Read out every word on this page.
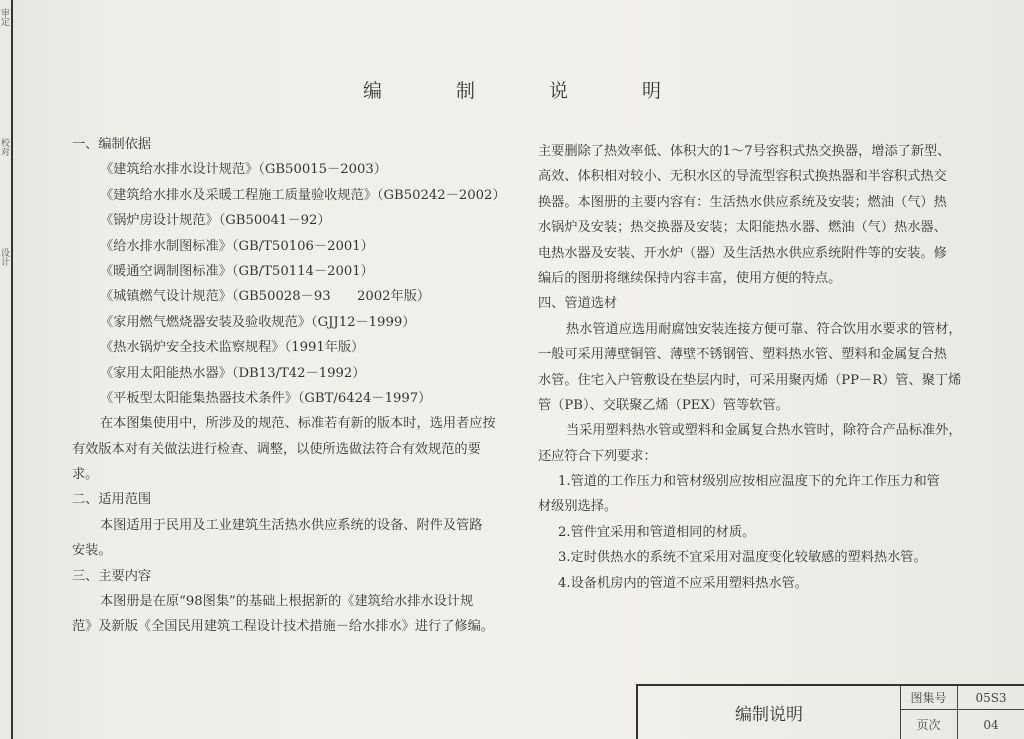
审定
校对
设计
编 制 说 明
一、编制依据
《建筑给水排水设计规范》（GB50015－2003）
《建筑给水排水及采暖工程施工质量验收规范》（GB50242－2002）
《锅炉房设计规范》（GB50041－92）
《给水排水制图标准》（GB/T50106－2001）
《暖通空调制图标准》（GB/T50114－2001）
《城镇燃气设计规范》（GB50028－93　　2002年版）
《家用燃气燃烧器安装及验收规范》（GJJ12－1999）
《热水锅炉安全技术监察规程》（1991年版）
《家用太阳能热水器》（DB13/T42－1992）
《平板型太阳能集热器技术条件》（GBT/6424－1997）
在本图集使用中，所涉及的规范、标准若有新的版本时，选用者应按
有效版本对有关做法进行检查、调整，以使所选做法符合有效规范的要
求。
二、适用范围
本图适用于民用及工业建筑生活热水供应系统的设备、附件及管路
安装。
三、主要内容
本图册是在原“98图集”的基础上根据新的《建筑给水排水设计规
范》及新版《全国民用建筑工程设计技术措施－给水排水》进行了修编。
主要删除了热效率低、体积大的1～7号容积式热交换器，增添了新型、
高效、体积相对较小、无积水区的导流型容积式换热器和半容积式热交
换器。本图册的主要内容有：生活热水供应系统及安装；燃油（气）热
水锅炉及安装；热交换器及安装；太阳能热水器、燃油（气）热水器、
电热水器及安装、开水炉（器）及生活热水供应系统附件等的安装。修
编后的图册将继续保持内容丰富，使用方便的特点。
四、管道选材
热水管道应选用耐腐蚀安装连接方便可靠、符合饮用水要求的管材，
一般可采用薄壁铜管、薄壁不锈钢管、塑料热水管、塑料和金属复合热
水管。住宅入户管敷设在垫层内时，可采用聚丙烯（PP－R）管、聚丁烯
管（PB）、交联聚乙烯（PEX）管等软管。
当采用塑料热水管或塑料和金属复合热水管时，除符合产品标准外，
还应符合下列要求：
1.管道的工作压力和管材级别应按相应温度下的允许工作压力和管
材级别选择。
2.管件宜采用和管道相同的材质。
3.定时供热水的系统不宜采用对温度变化较敏感的塑料热水管。
4.设备机房内的管道不应采用塑料热水管。
编制说明
图集号	05S3
页次	04
